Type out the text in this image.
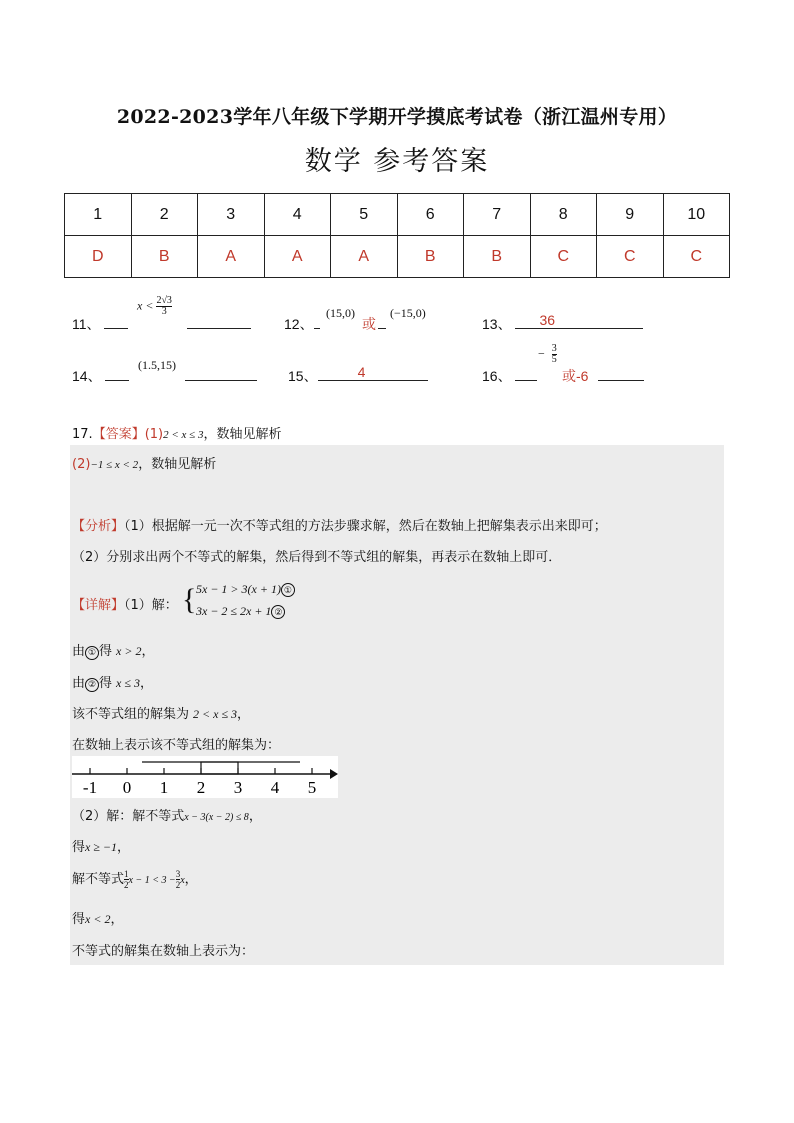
2022-2023学年八年级下学期开学摸底考试卷（浙江温州专用）
数学 参考答案
1	2	3	4	5	6	7	8	9	10
D	B	A	A	A	B	B	C	C	C
11、
$x < \frac{2√3}{3}$
12、
(15,0)
或
(−15,0)
13、 36
14、
(1.5,15)
15、	4	16、
− $\frac{3}{5}$
或-6
17.【答案】(1)2 < x ≤ 3，数轴见解析
(2)−1 ≤ x < 2，数轴见解析
【分析】（1）根据解一元一次不等式组的方法步骤求解，然后在数轴上把解集表示出来即可；
（2）分别求出两个不等式的解集，然后得到不等式组的解集，再表示在数轴上即可．
【详解】（1）解： { 5x − 1 > 3(x + 1) ①
3x − 2 ≤ 2x + 1 ②
由 ① 得 x > 2，
由 ② 得 x ≤ 3，
该不等式组的解集为 2 < x ≤ 3，
在数轴上表示该不等式组的解集为：
-1 0 1 2 3 4 5
（2）解：解不等式x − 3(x − 2) ≤ 8，
得x ≥ −1，
解不等式 $\frac{1}{2}$ $x - 1 < 3 - \frac{3}{2}$ x，
得x < 2，
不等式的解集在数轴上表示为：
